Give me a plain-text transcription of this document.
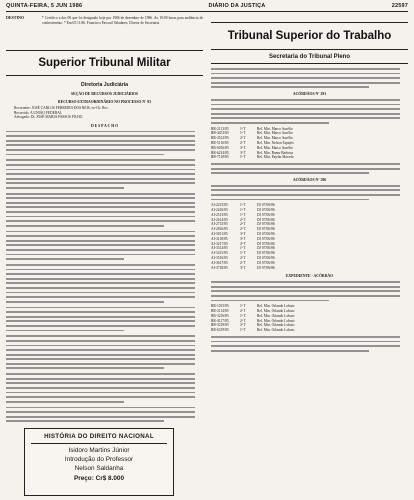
QUINTA-FEIRA, 5 JUN 1986	DIÁRIO DA JUSTIÇA	22597
DESTINO	* Certifico a dos 08 que foi designado hoje por 1986 de dezembro de 1986. Ao 19:00 horas para audiência de conhecimento. * Em 05.11.86. Francisco Pascoal Valadares, Diretor de Secretaria.
Superior Tribunal Militar
Diretoria Judiciária
SEÇÃO DE RECURSOS JUDICIÁRIOS
RECURSO EXTRAORDINÁRIO NO PROCESSO Nº 93
Recorrente: JOSÉ CARLOS FERREIRA DOS REIS, ex-Cb. Rec.
Recorrido: A UNIÃO FEDERAL
Advogado: Dr. JOSÉ MARIA PASSOS FILHO
D E S P A C H O
HISTÓRIA DO DIREITO NACIONAL
Isidoro Martins Júnior
Introdução do Professor
Nelson Saldanha
Preço: Cr$ 8.000
Tribunal Superior do Trabalho
Secretaria do Tribunal Pleno
ACÓRDÃOS Nº 291
RR-2113/85	1ª T	Rel. Min. Marco Aurélio
RR-4451/85	1ª T	Rel. Min. Marco Aurélio
RR-4512/85	2ª T	Rel. Min. Marco Aurélio
RR-5116/85	2ª T	Rel. Min. Nelson Tapajós
RR-6016/85	3ª T	Rel. Min. Marco Aurélio
RR-6214/85	3ª T	Rel. Min. Ranor Barbosa
RR-7118/85	1ª T	Rel. Min. Pajehu Macedo
ACÓRDÃOS Nº 296
AI-2215/85	1ª T	DJ 07/06/86
AI-2416/85	1ª T	DJ 07/06/86
AI-2513/85	1ª T	DJ 07/06/86
AI-2614/85	2ª T	DJ 07/06/86
AI-2715/85	2ª T	DJ 07/06/86
AI-2816/85	2ª T	DJ 07/06/86
AI-3011/85	3ª T	DJ 07/06/86
AI-3118/85	3ª T	DJ 07/06/86
AI-3217/85	3ª T	DJ 07/06/86
AI-3314/85	1ª T	DJ 07/06/86
AI-3415/85	1ª T	DJ 07/06/86
AI-3516/85	2ª T	DJ 07/06/86
AI-3617/85	2ª T	DJ 07/06/86
AI-3718/85	3ª T	DJ 07/06/86
EXPEDIENTE - ACÓRDÃO
RR-1015/85	1ª T	Rel. Min. Orlando Lobato
RR-2114/85	2ª T	Rel. Min. Orlando Lobato
RR-3216/85	1ª T	Rel. Min. Orlando Lobato
RR-4117/85	2ª T	Rel. Min. Orlando Lobato
RR-5218/85	3ª T	Rel. Min. Orlando Lobato
RR-6319/85	1ª T	Rel. Min. Orlando Lobato
